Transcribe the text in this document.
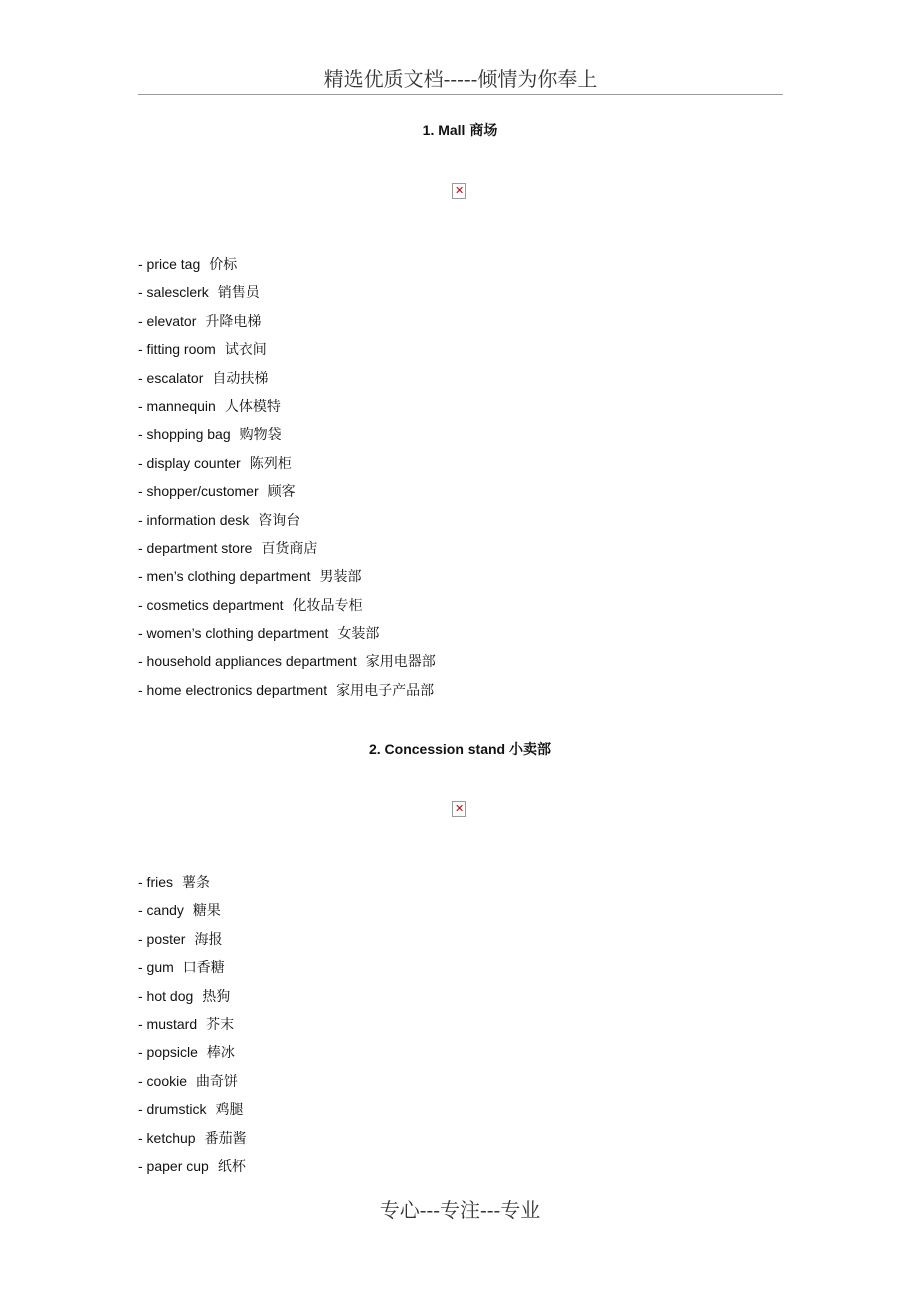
精选优质文档-----倾情为你奉上
1. Mall 商场
✕
- price tag 价标
- salesclerk 销售员
- elevator 升降电梯
- fitting room 试衣间
- escalator 自动扶梯
- mannequin 人体模特
- shopping bag 购物袋
- display counter 陈列柜
- shopper/customer 顾客
- information desk 咨询台
- department store 百货商店
- men’s clothing department 男装部
- cosmetics department 化妆品专柜
- women’s clothing department 女装部
- household appliances department 家用电器部
- home electronics department 家用电子产品部
2. Concession stand 小卖部
✕
- fries 薯条
- candy 糖果
- poster 海报
- gum 口香糖
- hot dog 热狗
- mustard 芥末
- popsicle 棒冰
- cookie 曲奇饼
- drumstick 鸡腿
- ketchup 番茄酱
- paper cup 纸杯
专心---专注---专业
